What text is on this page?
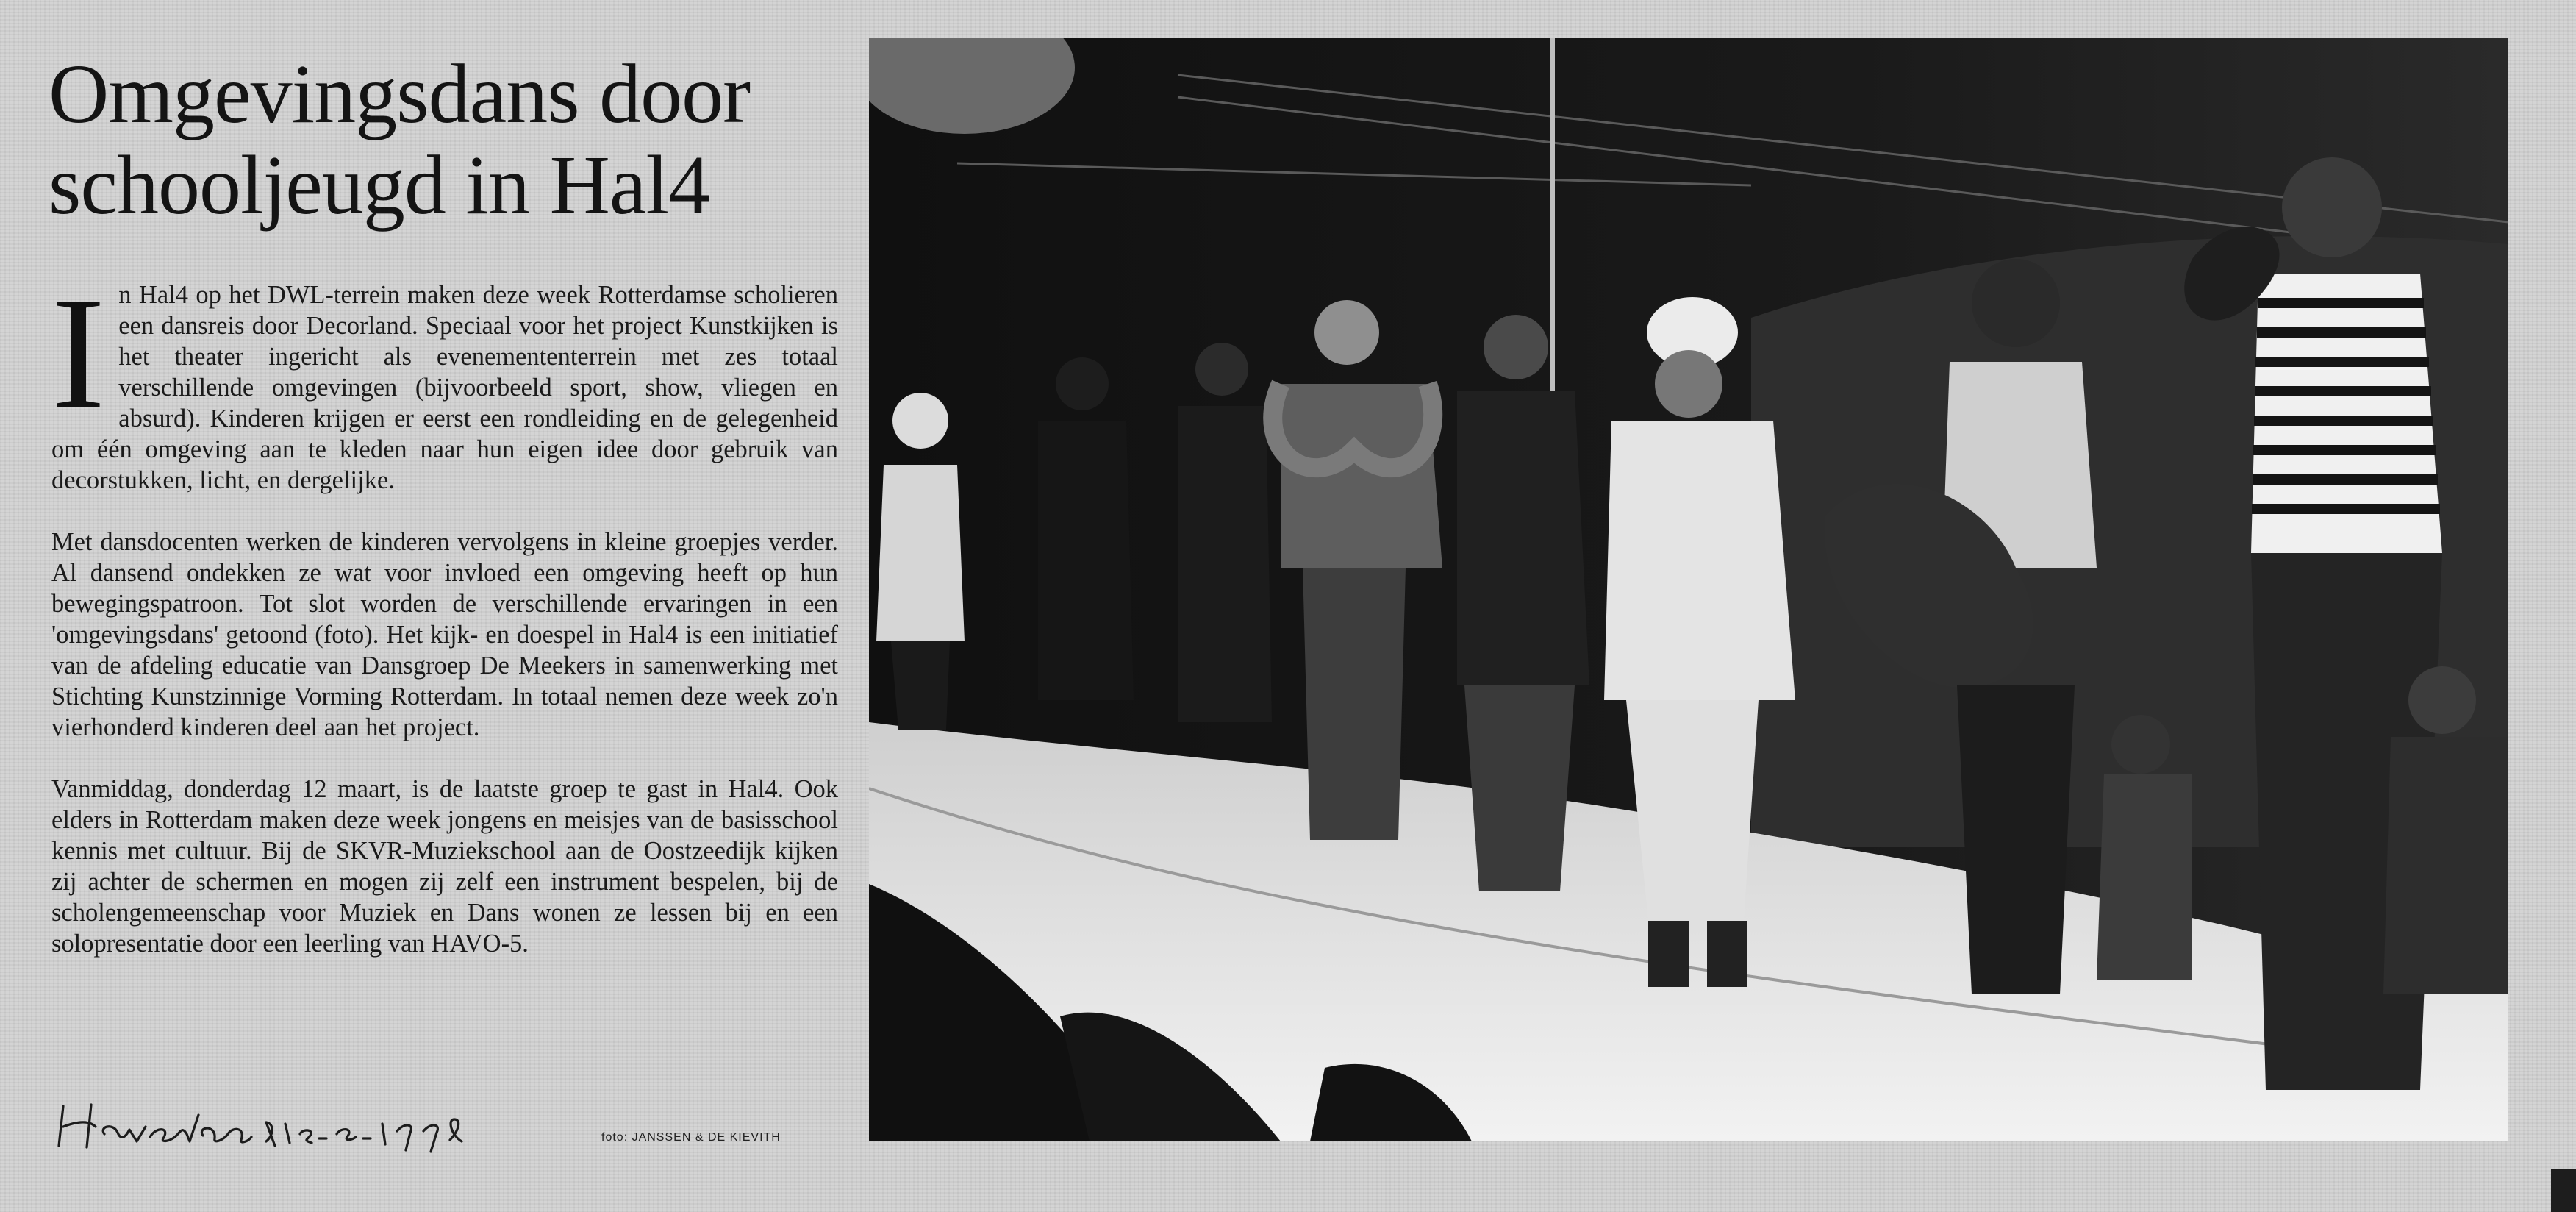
Omgevingsdans door
schooljeugd in Hal4

In Hal4 op het DWL-terrein maken deze week Rotterdamse scholieren een dansreis door Decorland. Speciaal voor het project Kunstkijken is het theater ingericht als evenemententerrein met zes totaal verschillende omgevingen (bijvoorbeeld sport, show, vliegen en absurd). Kinderen krijgen er eerst een rondleiding en de gelegenheid om één omgeving aan te kleden naar hun eigen idee door gebruik van decorstukken, licht, en dergelijke.

Met dansdocenten werken de kinderen vervolgens in kleine groepjes verder. Al dansend ondekken ze wat voor invloed een omgeving heeft op hun bewegingspatroon. Tot slot worden de verschillende ervaringen in een 'omgevingsdans' getoond (foto). Het kijk- en doespel in Hal4 is een initiatief van de afdeling educatie van Dansgroep De Meekers in samenwerking met Stichting Kunstzinnige Vorming Rotterdam. In totaal nemen deze week zo'n vierhonderd kinderen deel aan het project.

Vanmiddag, donderdag 12 maart, is de laatste groep te gast in Hal4. Ook elders in Rotterdam maken deze week jongens en meisjes van de basisschool kennis met cultuur. Bij de SKVR-Muziekschool aan de Oostzeedijk kijken zij achter de schermen en mogen zij zelf een instrument bespelen, bij de scholengemeenschap voor Muziek en Dans wonen ze lessen bij en een solopresentatie door een leerling van HAVO-5.

foto: JANSSEN & DE KIEVITH
